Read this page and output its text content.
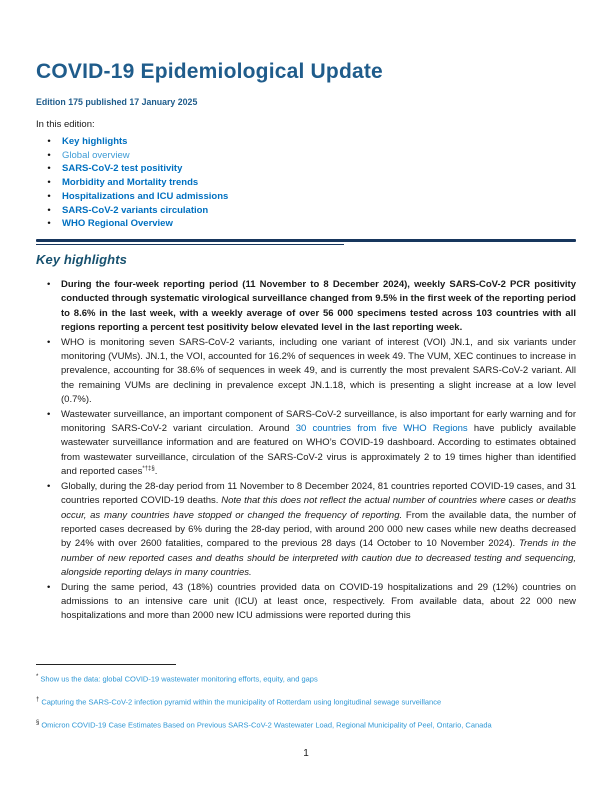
COVID-19 Epidemiological Update
Edition 175 published 17 January 2025
In this edition:
•	Key highlights
•	Global overview
•	SARS-CoV-2 test positivity
•	Morbidity and Mortality trends
•	Hospitalizations and ICU admissions
•	SARS-CoV-2 variants circulation
•	WHO Regional Overview
Key highlights
• During the four-week reporting period (11 November to 8 December 2024), weekly SARS-CoV-2 PCR positivity conducted through systematic virological surveillance changed from 9.5% in the first week of the reporting period to 8.6% in the last week, with a weekly average of over 56 000 specimens tested across 103 countries with all regions reporting a percent test positivity below elevated level in the last reporting week.
• WHO is monitoring seven SARS-CoV-2 variants, including one variant of interest (VOI) JN.1, and six variants under monitoring (VUMs). JN.1, the VOI, accounted for 16.2% of sequences in week 49. The VUM, XEC continues to increase in prevalence, accounting for 38.6% of sequences in week 49, and is currently the most prevalent SARS-CoV-2 variant. All the remaining VUMs are declining in prevalence except JN.1.18, which is presenting a slight increase at a low level (0.7%).
• Wastewater surveillance, an important component of SARS-CoV-2 surveillance, is also important for early warning and for monitoring SARS-CoV-2 variant circulation. Around 30 countries from five WHO Regions have publicly available wastewater surveillance information and are featured on WHO’s COVID-19 dashboard. According to estimates obtained from wastewater surveillance, circulation of the SARS-CoV-2 virus is approximately 2 to 19 times higher than identified and reported cases*†‡§.
• Globally, during the 28-day period from 11 November to 8 December 2024, 81 countries reported COVID-19 cases, and 31 countries reported COVID-19 deaths. Note that this does not reflect the actual number of countries where cases or deaths occur, as many countries have stopped or changed the frequency of reporting. From the available data, the number of reported cases decreased by 6% during the 28-day period, with around 200 000 new cases while new deaths decreased by 24% with over 2600 fatalities, compared to the previous 28 days (14 October to 10 November 2024). Trends in the number of new reported cases and deaths should be interpreted with caution due to decreased testing and sequencing, alongside reporting delays in many countries.
• During the same period, 43 (18%) countries provided data on COVID-19 hospitalizations and 29 (12%) countries on admissions to an intensive care unit (ICU) at least once, respectively. From available data, about 22 000 new hospitalizations and more than 2000 new ICU admissions were reported during this
* Show us the data: global COVID-19 wastewater monitoring efforts, equity, and gaps
† Capturing the SARS-CoV-2 infection pyramid within the municipality of Rotterdam using longitudinal sewage surveillance
§ Omicron COVID-19 Case Estimates Based on Previous SARS-CoV-2 Wastewater Load, Regional Municipality of Peel, Ontario, Canada
1
